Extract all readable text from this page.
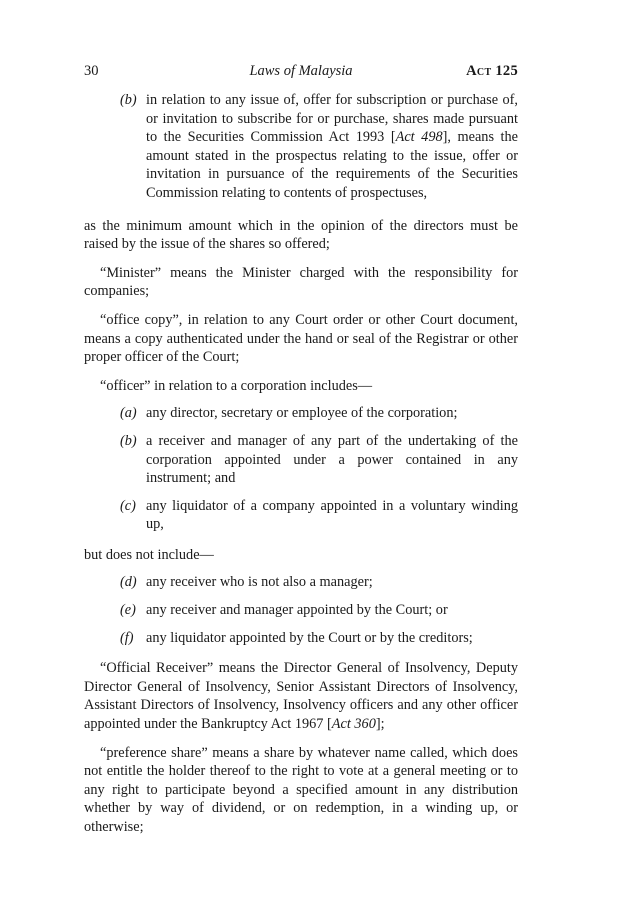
30	Laws of Malaysia	Act 125
(b) in relation to any issue of, offer for subscription or purchase of, or invitation to subscribe for or purchase, shares made pursuant to the Securities Commission Act 1993 [Act 498], means the amount stated in the prospectus relating to the issue, offer or invitation in pursuance of the requirements of the Securities Commission relating to contents of prospectuses,

as the minimum amount which in the opinion of the directors must be raised by the issue of the shares so offered;

“Minister” means the Minister charged with the responsibility for companies;

“office copy”, in relation to any Court order or other Court document, means a copy authenticated under the hand or seal of the Registrar or other proper officer of the Court;

“officer” in relation to a corporation includes—

(a) any director, secretary or employee of the corporation;
(b) a receiver and manager of any part of the undertaking of the corporation appointed under a power contained in any instrument; and
(c) any liquidator of a company appointed in a voluntary winding up,

but does not include—

(d) any receiver who is not also a manager;
(e) any receiver and manager appointed by the Court; or
(f) any liquidator appointed by the Court or by the creditors;

“Official Receiver” means the Director General of Insolvency, Deputy Director General of Insolvency, Senior Assistant Directors of Insolvency, Assistant Directors of Insolvency, Insolvency officers and any other officer appointed under the Bankruptcy Act 1967 [Act 360];

“preference share” means a share by whatever name called, which does not entitle the holder thereof to the right to vote at a general meeting or to any right to participate beyond a specified amount in any distribution whether by way of dividend, or on redemption, in a winding up, or otherwise;
